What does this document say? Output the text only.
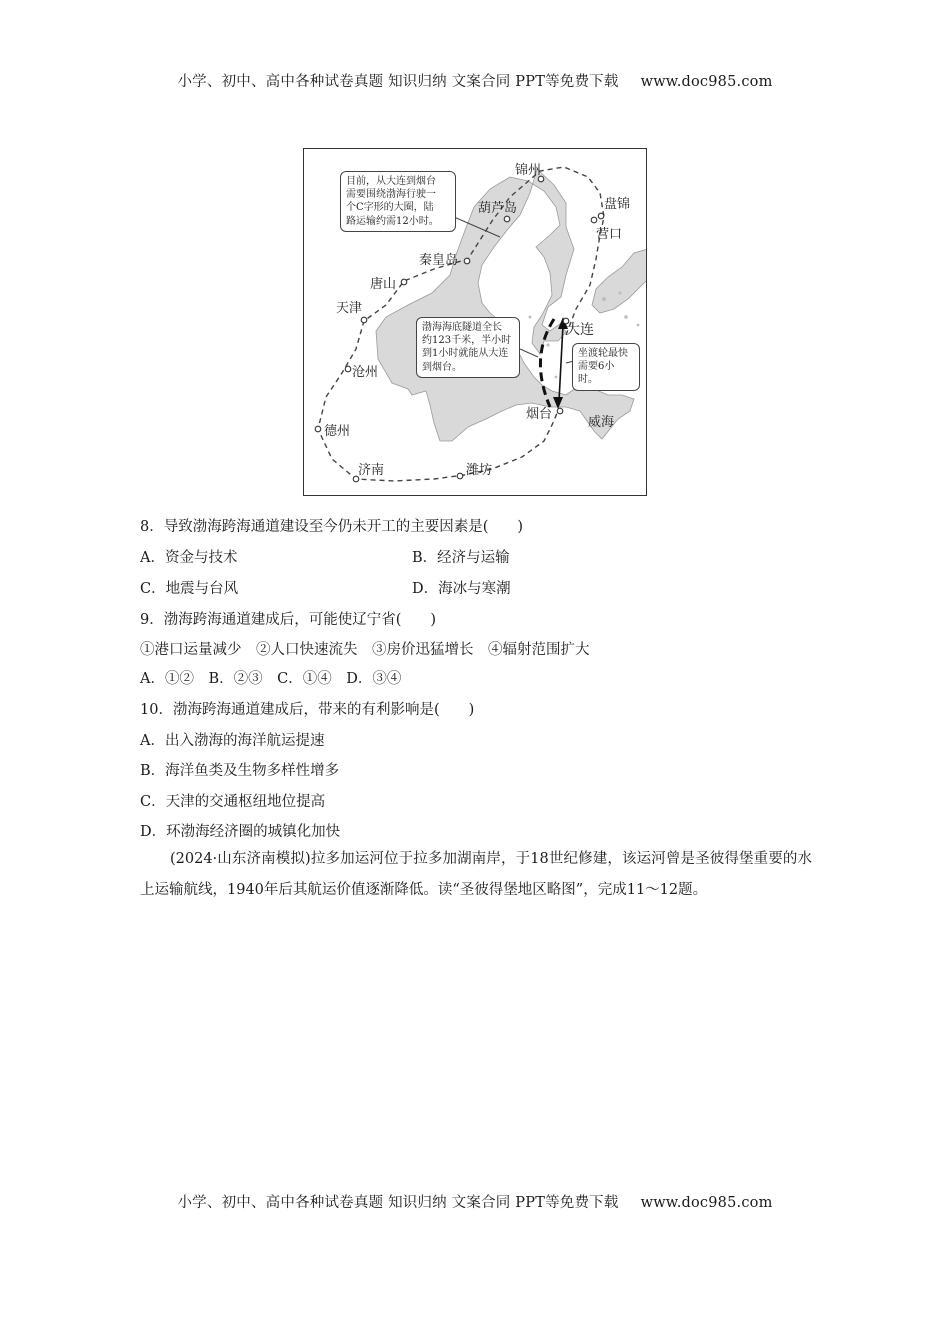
小学、初中、高中各种试卷真题 知识归纳 文案合同 PPT等免费下载 www.doc985.com
锦州
葫芦岛	盘锦
营口
秦皇岛
唐山
天津
大连
沧州
德州
烟台
威海
济南	潍坊
目前，从大连到烟台
需要围绕渤海行驶一
个C字形的大圈，陆
路运输约需12小时。
渤海海底隧道全长
约123千米，半小时
到1小时就能从大连
到烟台。
坐渡轮最快
需要6小时。
8．导致渤海跨海通道建设至今仍未开工的主要因素是(　　)
A．资金与技术	B．经济与运输
C．地震与台风	D．海冰与寒潮
9．渤海跨海通道建成后，可能使辽宁省(　　)
①港口运量减少　②人口快速流失　③房价迅猛增长　④辐射范围扩大
A．①②　B．②③　C．①④　D．③④
10．渤海跨海通道建成后，带来的有利影响是(　　)
A．出入渤海的海洋航运提速
B．海洋鱼类及生物多样性增多
C．天津的交通枢纽地位提高
D．环渤海经济圈的城镇化加快
(2024·山东济南模拟)拉多加运河位于拉多加湖南岸，于18世纪修建，该运河曾是圣彼得堡重要的水上运输航线，1940年后其航运价值逐渐降低。读“圣彼得堡地区略图”，完成11～12题。
小学、初中、高中各种试卷真题 知识归纳 文案合同 PPT等免费下载 www.doc985.com
